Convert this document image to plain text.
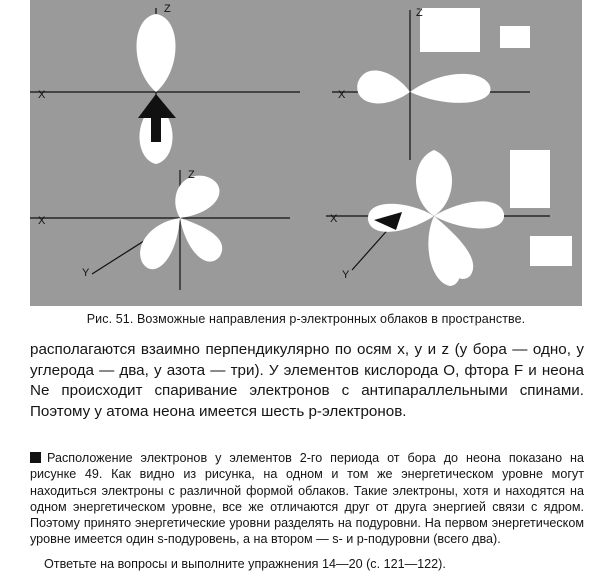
Z
X
Z
X
Y
Z
X
X
Y
Рис. 51. Возможные направления p-электронных облаков в пространстве.

располагаются взаимно перпендикулярно по осям x, y и z (у бора — одно, у углерода — два, у азота — три). У элементов кислорода O, фтора F и неона Ne происходит спаривание электронов с антипараллельными спинами. Поэтому у атома неона имеется шесть p-электронов.

Расположение электронов у элементов 2-го периода от бора до неона показано на рисунке 49. Как видно из рисунка, на одном и том же энергетическом уровне могут находиться электроны с различной формой облаков. Такие электроны, хотя и находятся на одном энергетическом уровне, все же отличаются друг от друга энергией связи с ядром. Поэтому принято энергетические уровни разделять на подуровни. На первом энергетическом уровне имеется один s-подуровень, а на втором — s- и p-подуровни (всего два).

Ответьте на вопросы и выполните упражнения 14—20 (с. 121—122).
